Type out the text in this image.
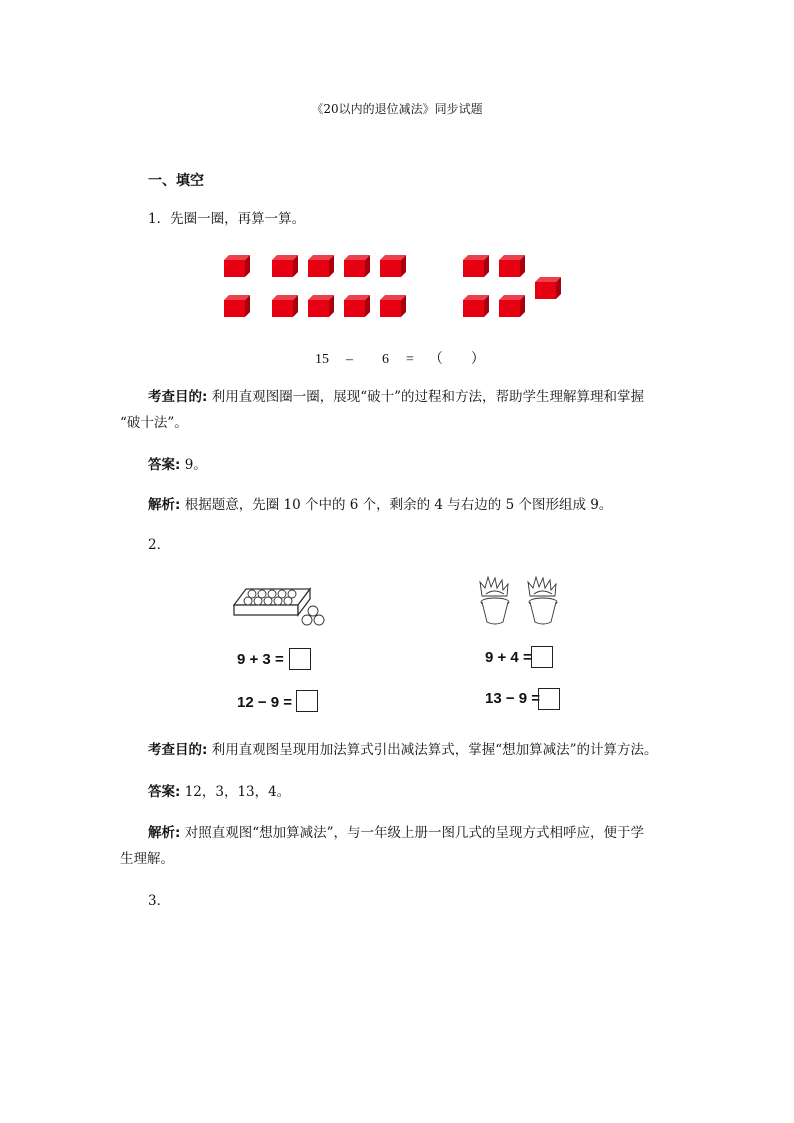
《20以内的退位减法》同步试题
一、填空
1．先圈一圈，再算一算。
15 – 6 = （　　）
考查目的: 利用直观图圈一圈，展现“破十”的过程和方法，帮助学生理解算理和掌握
“破十法”。
答案: 9。
解析: 根据题意，先圈 10 个中的 6 个，剩余的 4 与右边的 5 个图形组成 9。
2．
9 + 3 =
12 − 9 =
9 + 4 =
13 − 9 =
考查目的: 利用直观图呈现用加法算式引出减法算式，掌握“想加算减法”的计算方法。
答案: 12，3，13，4。
解析: 对照直观图“想加算减法”，与一年级上册一图几式的呈现方式相呼应，便于学
生理解。
3．
